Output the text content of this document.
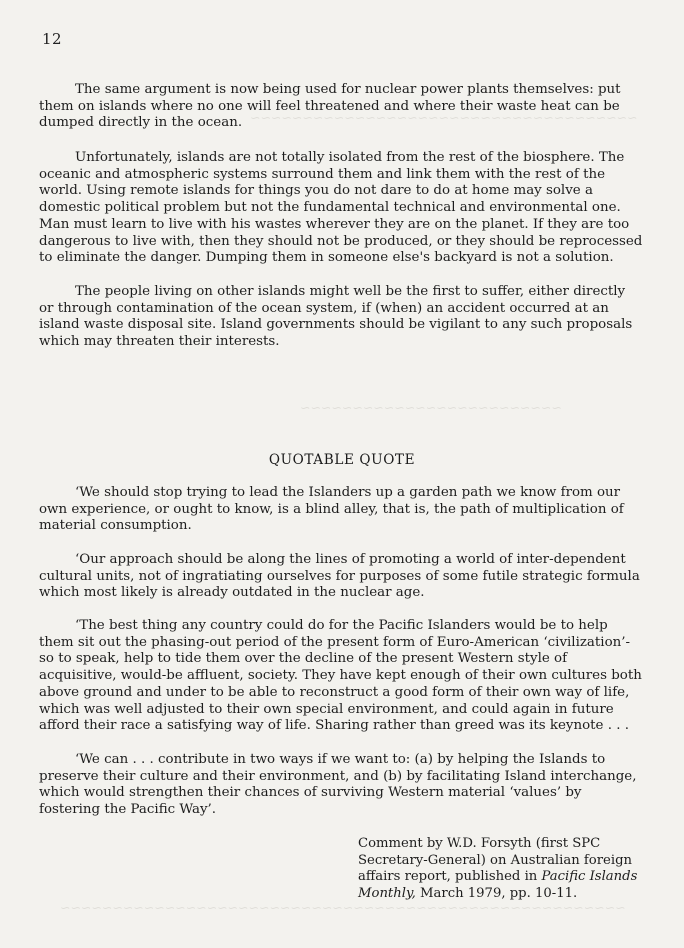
~~~~~~~~~~~~~~~~~~~~~~~~~~~~~~~~~~~~~
~~~~~~~~~~~~~~~~~~~~~~~~~
~~~~~~~~~~~~~~~~~~~~~~~~~~~~~~~~~~~~~~~~~~~~~~~~~~~~~~
12

The same argument is now being used for nuclear power plants themselves: put them on islands where no one will feel threatened and where their waste heat can be dumped directly in the ocean.

Unfortunately, islands are not totally isolated from the rest of the biosphere. The oceanic and atmospheric systems surround them and link them with the rest of the world. Using remote islands for things you do not dare to do at home may solve a domestic political problem but not the fundamental technical and environmental one. Man must learn to live with his wastes wherever they are on the planet. If they are too dangerous to live with, then they should not be produced, or they should be reprocessed to eliminate the danger. Dumping them in someone else's backyard is not a solution.

The people living on other islands might well be the first to suffer, either directly or through contamination of the ocean system, if (when) an accident occurred at an island waste disposal site. Island governments should be vigilant to any such proposals which may threaten their interests.

QUOTABLE QUOTE

‘We should stop trying to lead the Islanders up a garden path we know from our own experience, or ought to know, is a blind alley, that is, the path of multiplication of material consumption.

‘Our approach should be along the lines of promoting a world of inter-dependent cultural units, not of ingratiating ourselves for purposes of some futile strategic formula which most likely is already outdated in the nuclear age.

‘The best thing any country could do for the Pacific Islanders would be to help them sit out the phasing-out period of the present form of Euro-American ‘civilization’- so to speak, help to tide them over the decline of the present Western style of acquisitive, would-be affluent, society. They have kept enough of their own cultures both above ground and under to be able to reconstruct a good form of their own way of life, which was well adjusted to their own special environment, and could again in future afford their race a satisfying way of life. Sharing rather than greed was its keynote . . .

‘We can . . . contribute in two ways if we want to: (a) by helping the Islands to preserve their culture and their environment, and (b) by facilitating Island interchange, which would strengthen their chances of surviving Western material ‘values’ by fostering the Pacific Way’.

Comment by W.D. Forsyth (first SPC Secretary-General) on Australian foreign affairs report, published in Pacific Islands Monthly, March 1979, pp. 10-11.
